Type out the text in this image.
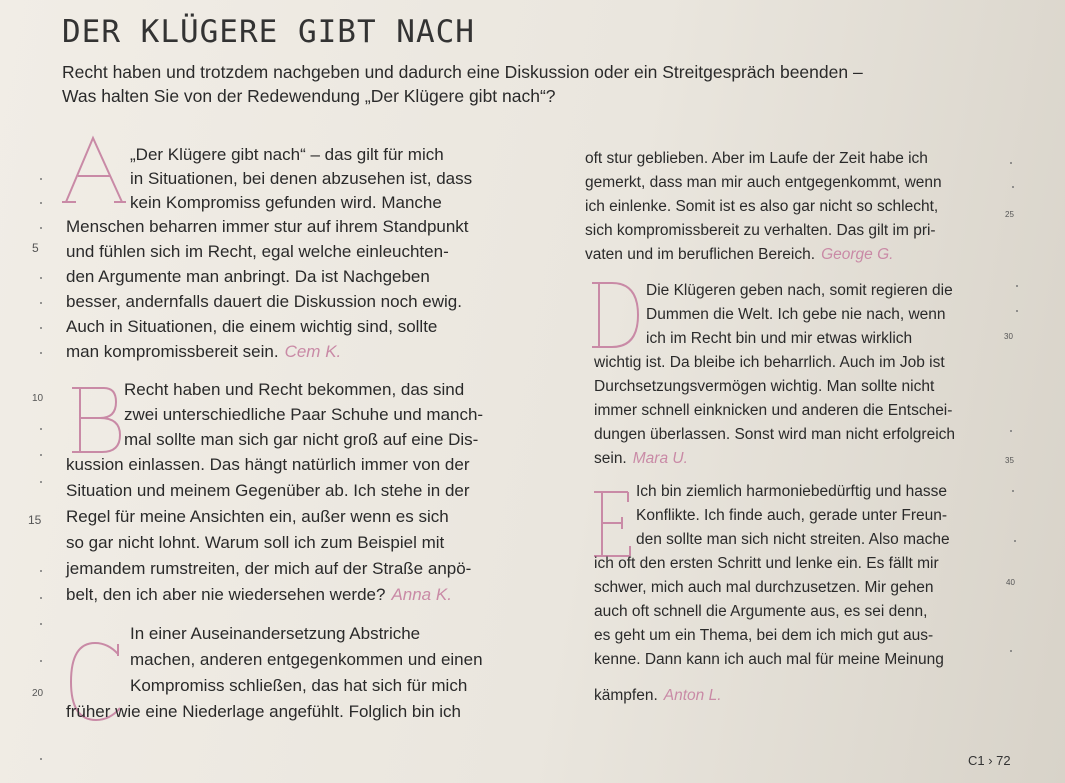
DER KLÜGERE GIBT NACH
Recht haben und trotzdem nachgeben und dadurch eine Diskussion oder ein Streitgespräch beenden –
Was halten Sie von der Redewendung „Der Klügere gibt nach“?
„Der Klügere gibt nach“ – das gilt für mich
in Situationen, bei denen abzusehen ist, dass
kein Kompromiss gefunden wird. Manche
Menschen beharren immer stur auf ihrem Standpunkt
und fühlen sich im Recht, egal welche einleuchten-
den Argumente man anbringt. Da ist Nachgeben
besser, andernfalls dauert die Diskussion noch ewig.
Auch in Situationen, die einem wichtig sind, sollte
man kompromissbereit sein. Cem K.
Recht haben und Recht bekommen, das sind
zwei unterschiedliche Paar Schuhe und manch-
mal sollte man sich gar nicht groß auf eine Dis-
kussion einlassen. Das hängt natürlich immer von der
Situation und meinem Gegenüber ab. Ich stehe in der
Regel für meine Ansichten ein, außer wenn es sich
so gar nicht lohnt. Warum soll ich zum Beispiel mit
jemandem rumstreiten, der mich auf der Straße anpö-
belt, den ich aber nie wiedersehen werde? Anna K.
In einer Auseinandersetzung Abstriche
machen, anderen entgegenkommen und einen
Kompromiss schließen, das hat sich für mich
früher wie eine Niederlage angefühlt. Folglich bin ich
oft stur geblieben. Aber im Laufe der Zeit habe ich
gemerkt, dass man mir auch entgegenkommt, wenn
ich einlenke. Somit ist es also gar nicht so schlecht,
sich kompromissbereit zu verhalten. Das gilt im pri-
vaten und im beruflichen Bereich. George G.
Die Klügeren geben nach, somit regieren die
Dummen die Welt. Ich gebe nie nach, wenn
ich im Recht bin und mir etwas wirklich
wichtig ist. Da bleibe ich beharrlich. Auch im Job ist
Durchsetzungsvermögen wichtig. Man sollte nicht
immer schnell einknicken und anderen die Entschei-
dungen überlassen. Sonst wird man nicht erfolgreich
sein. Mara U.
Ich bin ziemlich harmoniebedürftig und hasse
Konflikte. Ich finde auch, gerade unter Freun-
den sollte man sich nicht streiten. Also mache
ich oft den ersten Schritt und lenke ein. Es fällt mir
schwer, mich auch mal durchzusetzen. Mir gehen
auch oft schnell die Argumente aus, es sei denn,
es geht um ein Thema, bei dem ich mich gut aus-
kenne. Dann kann ich auch mal für meine Meinung
kämpfen. Anton L.
5
10
15
20
25
30
35
40
C1 › 72
